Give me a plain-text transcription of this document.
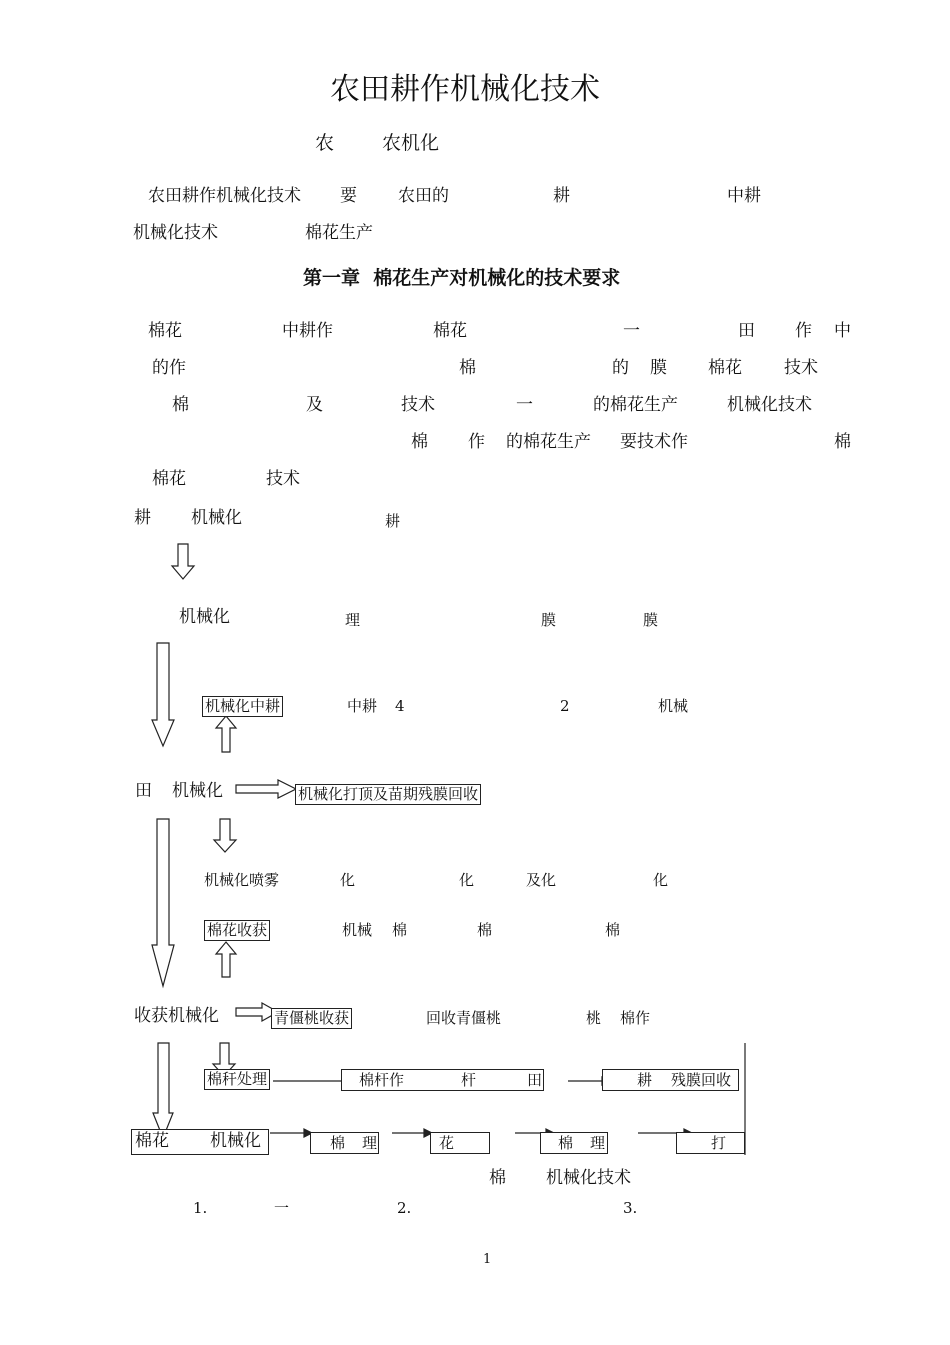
农田耕作机械化技术
农	农机化
农田耕作机械化技术 要 农田的	耕	中耕
机械化技术	棉花生产
第一章  棉花生产对机械化的技术要求
棉花	中耕作	棉花	一	田 作 中
的作	棉	的 膜 棉花 技术
棉	及	技术	一	的棉花生产	机械化技术
棉 作 的棉花生产 要技术作	棉
棉花	技术
耕 机械化	耕
机械化	理	膜	膜
机械化中耕	中耕 4	2	机械
田 机械化	机械化打顶及苗期残膜回收
机械化喷雾	化	化	及化	化
棉花收获	机械 棉	棉	棉
收获机械化	青僵桃收获	回收青僵桃	桃 棉作
棉秆处理

	棉杆作

	杆

	田

	耕

残膜回收

棉花

机械化

	棉

理

	花

	棉

理

	打

棉 机械化技术
1.	一	2.	3.
1
